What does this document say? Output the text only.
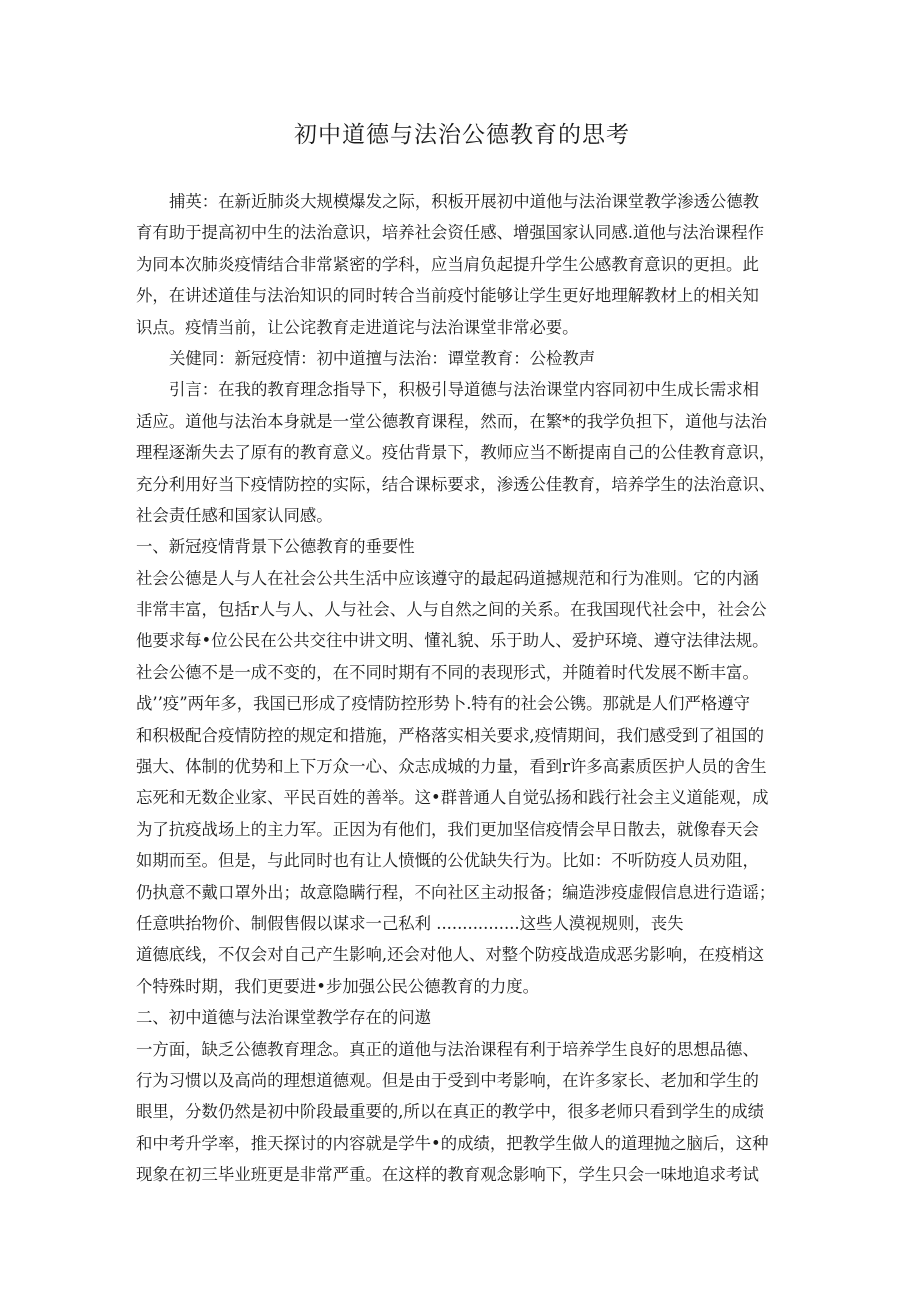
初中道德与法治公德教育的思考
捕英：在新近肺炎大规模爆发之际，积板开展初中道他与法治课堂教学渗透公德教
育有助于提高初中生的法治意识，培养社会资任感、增强国家认同感.道他与法治课程作
为同本次肺炎疫情结合非常紧密的学科，应当肩负起提升学生公感教育意识的更担。此
外，在讲述道佳与法治知识的同时转合当前疫忖能够让学生更好地理解教材上的相关知
识点。疫情当前，让公诧教育走进道诧与法治课堂非常必要。
关健同：新冠疫情：初中道擅与法治：谭堂教育：公检教声
引言：在我的教育理念指导下，积极引导道德与法治课堂内容同初中生成长需求相
适应。道他与法治本身就是一堂公德教育课程，然而，在繁*的我学负担下，道他与法治
理程逐渐失去了原有的教育意义。疫估背景下，教师应当不断提南自己的公佳教育意识，
充分利用好当下疫情防控的实际，结合课标要求，渗透公佳教育，培养学生的法治意识、
社会责任感和国家认同感。
一、新冠疫情背景下公德教育的垂要性
社会公德是人与人在社会公共生活中应该遵守的最起码道撼规范和行为准则。它的内涵
非常丰富，包括r人与人、人与社会、人与自然之间的关系。在我国现代社会中，社会公
他要求每•位公民在公共交往中讲文明、懂礼貌、乐于助人、爱护环境、遵守法律法规。
社会公德不是一成不变的，在不同时期有不同的表现形式，并随着时代发展不断丰富。
战’’疫”两年多，我国已形成了疫情防控形势卜.特有的社会公镌。那就是人们严格遵守
和积极配合疫情防控的规定和措施，严格落实相关要求,疫情期间，我们感受到了祖国的
强大、体制的优势和上下万众一心、众志成城的力量，看到r许多高素质医护人员的舍生
忘死和无数企业家、平民百姓的善举。这•群普通人自觉弘扬和践行社会主义道能观，成
为了抗疫战场上的主力军。正因为有他们，我们更加坚信疫情会早日散去，就像春天会
如期而至。但是，与此同时也有让人愤慨的公优缺失行为。比如：不听防疫人员劝阻，
仍执意不戴口罩外出；故意隐瞒行程，不向社区主动报备；编造涉疫虚假信息进行造谣；
任意哄抬物价、制假售假以谋求一己私利 ................这些人漠视规则，丧失
道德底线，不仅会对自己产生影响,还会对他人、对整个防疫战造成恶劣影响，在疫梢这
个特殊时期，我们更要进•步加强公民公德教育的力度。
二、初中道德与法治课堂教学存在的问遨
一方面，缺乏公德教育理念。真正的道他与法治课程有利于培养学生良好的思想品德、
行为习惯以及高尚的理想道德观。但是由于受到中考影响，在许多家长、老加和学生的
眼里，分数仍然是初中阶段最重要的,所以在真正的教学中，很多老师只看到学生的成绩
和中考升学率，推天探讨的内容就是学牛•的成绩，把教学生做人的道理抛之脑后，这种
现象在初三毕业班更是非常严重。在这样的教育观念影响下，学生只会一味地追求考试
